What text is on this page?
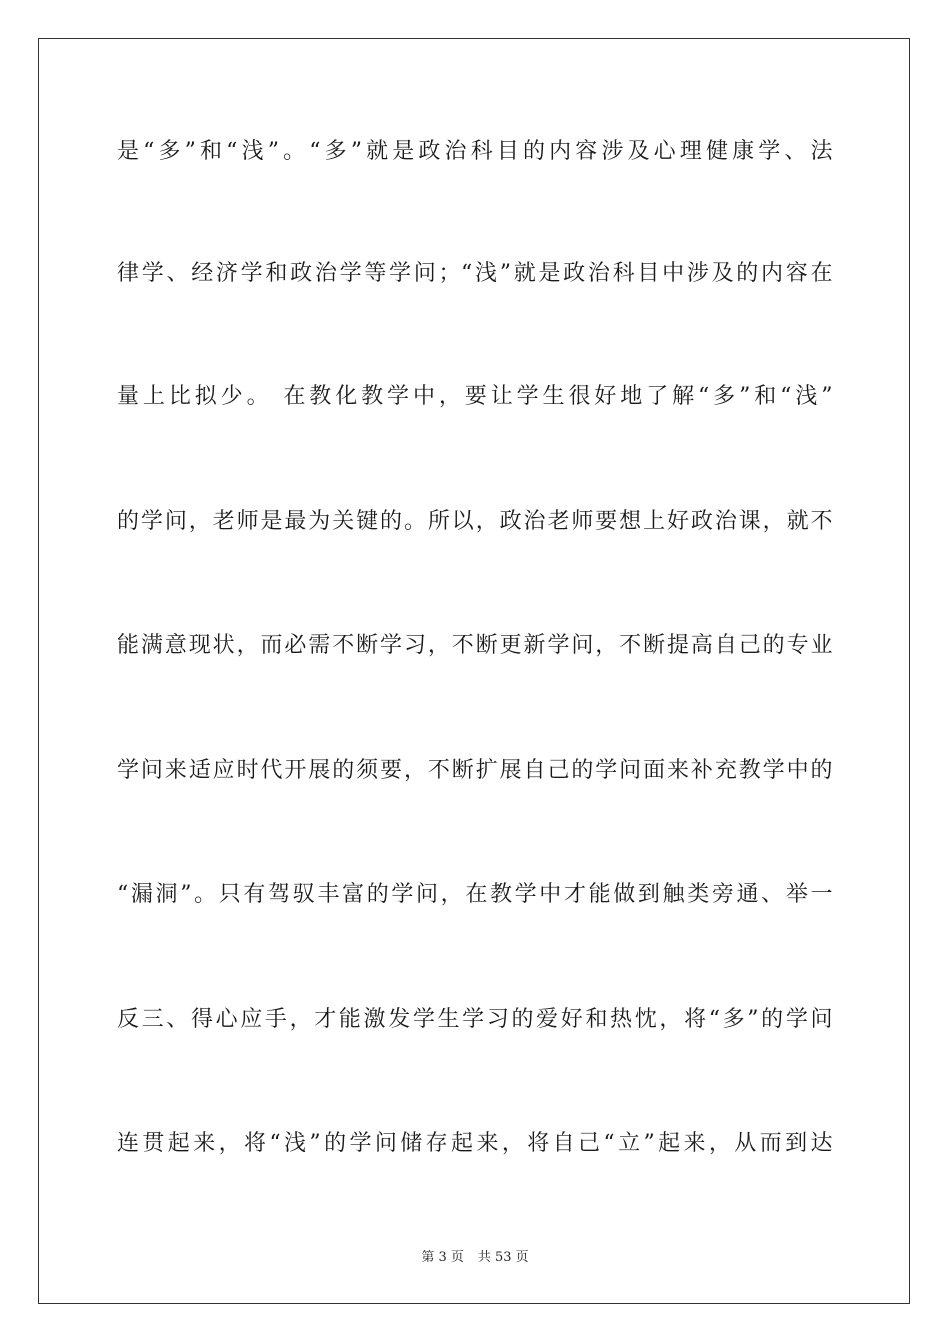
是“多”和“浅”。“多”就是政治科目的内容涉及心理健康学、法
律学、经济学和政治学等学问；“浅”就是政治科目中涉及的内容在
量上比拟少。 在教化教学中，要让学生很好地了解“多”和“浅”
的学问，老师是最为关键的。所以，政治老师要想上好政治课，就不
能满意现状，而必需不断学习，不断更新学问，不断提高自己的专业
学问来适应时代开展的须要，不断扩展自己的学问面来补充教学中的
“漏洞”。只有驾驭丰富的学问，在教学中才能做到触类旁通、举一
反三、得心应手，才能激发学生学习的爱好和热忱，将“多”的学问
连贯起来，将“浅”的学问储存起来，将自己“立”起来，从而到达
第 3 页 共 53 页
